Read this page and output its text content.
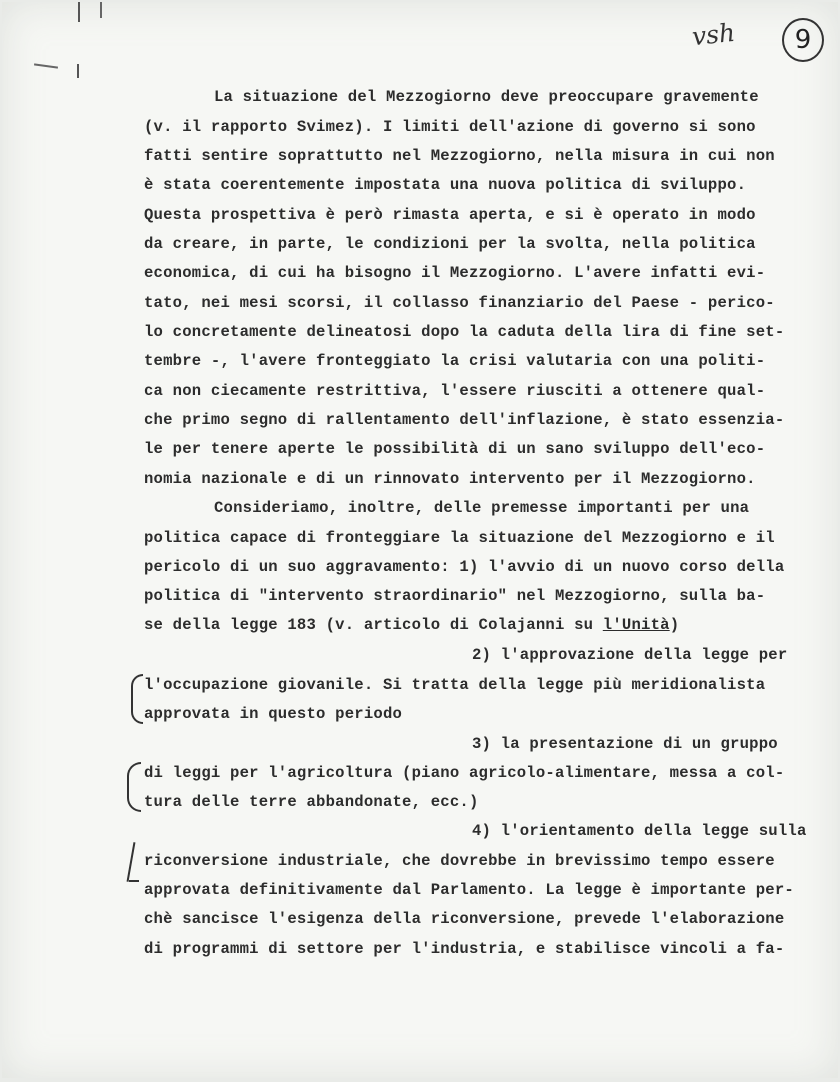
vsh	9
La situazione del Mezzogiorno deve preoccupare gravemente
(v. il rapporto Svimez). I limiti dell'azione di governo si sono
fatti sentire soprattutto nel Mezzogiorno, nella misura in cui non
è stata coerentemente impostata una nuova politica di sviluppo.
Questa prospettiva è però rimasta aperta, e si è operato in modo
da creare, in parte, le condizioni per la svolta, nella politica
economica, di cui ha bisogno il Mezzogiorno. L'avere infatti evi-
tato, nei mesi scorsi, il collasso finanziario del Paese - perico-
lo concretamente delineatosi dopo la caduta della lira di fine set-
tembre -, l'avere fronteggiato la crisi valutaria con una politi-
ca non ciecamente restrittiva, l'essere riusciti a ottenere qual-
che primo segno di rallentamento dell'inflazione, è stato essenzia-
le per tenere aperte le possibilità di un sano sviluppo dell'eco-
nomia nazionale e di un rinnovato intervento per il Mezzogiorno.
Consideriamo, inoltre, delle premesse importanti per una
politica capace di fronteggiare la situazione del Mezzogiorno e il
pericolo di un suo aggravamento: 1) l'avvio di un nuovo corso della
politica di "intervento straordinario" nel Mezzogiorno, sulla ba-
se della legge 183 (v. articolo di Colajanni su l'Unità)
2) l'approvazione della legge per
l'occupazione giovanile. Si tratta della legge più meridionalista
approvata in questo periodo
3) la presentazione di un gruppo
di leggi per l'agricoltura (piano agricolo-alimentare, messa a col-
tura delle terre abbandonate, ecc.)
4) l'orientamento della legge sulla
riconversione industriale, che dovrebbe in brevissimo tempo essere
approvata definitivamente dal Parlamento. La legge è importante per-
chè sancisce l'esigenza della riconversione, prevede l'elaborazione
di programmi di settore per l'industria, e stabilisce vincoli a fa-
